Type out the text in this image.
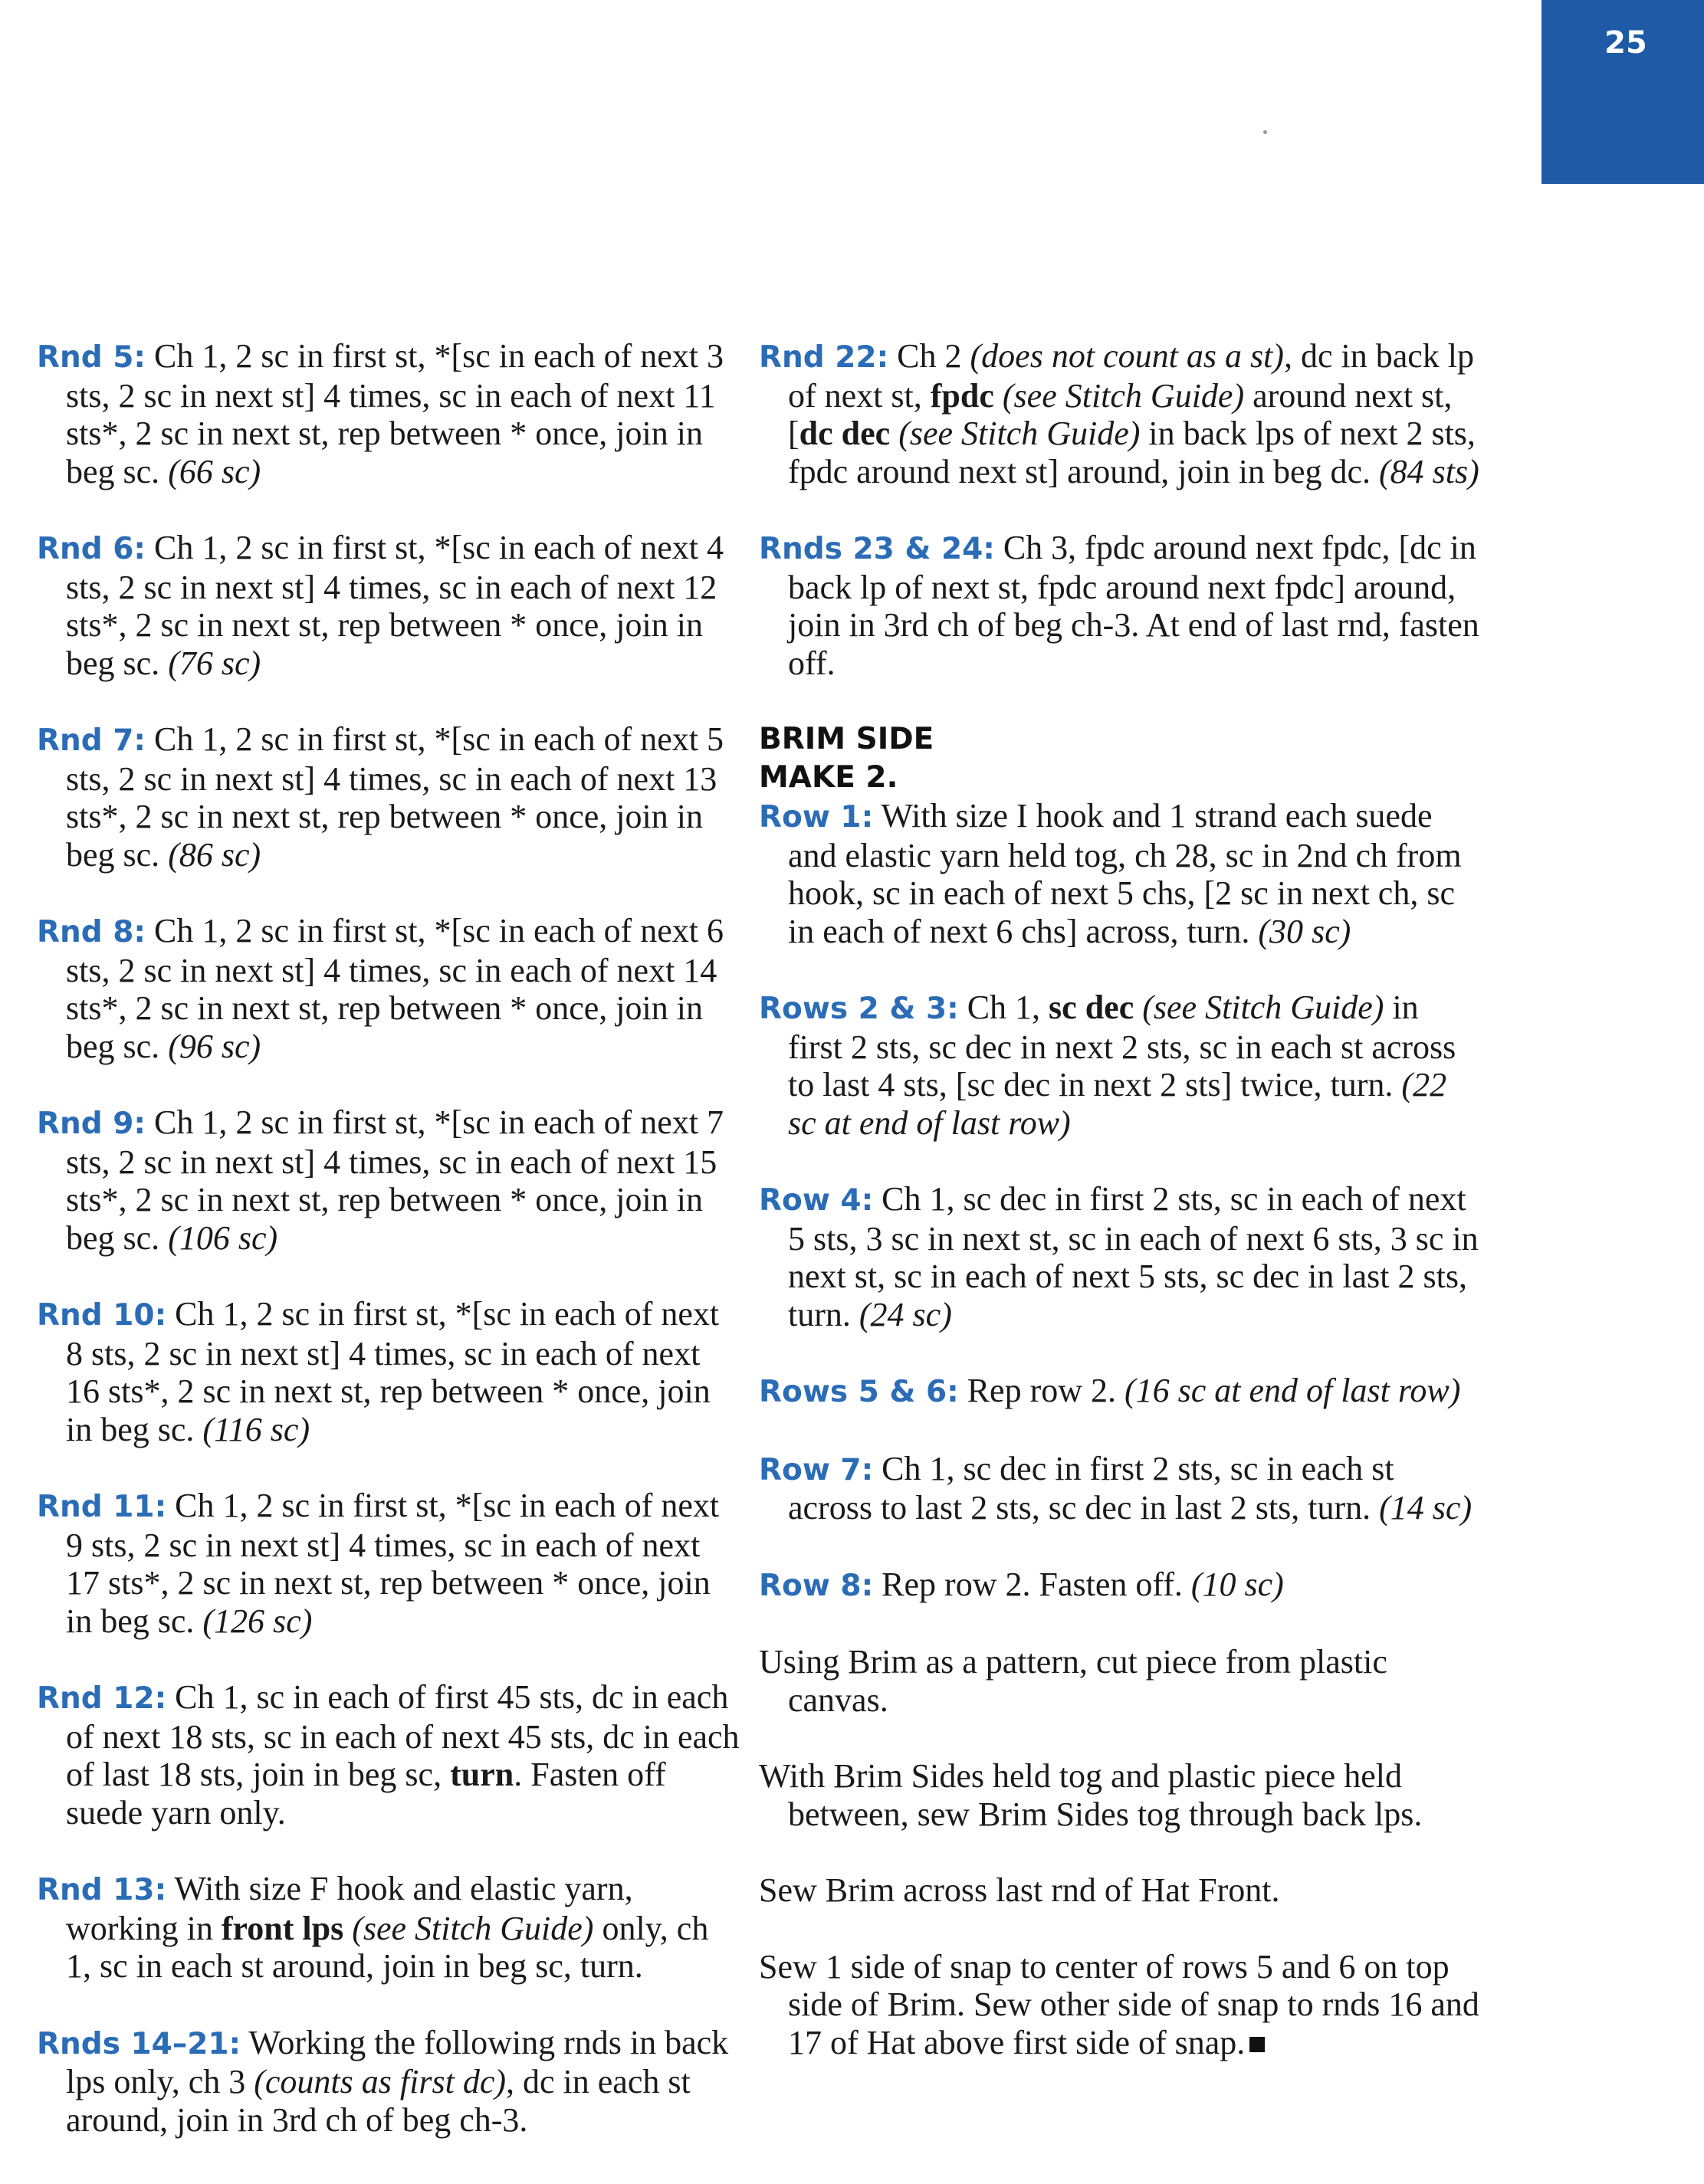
25

Rnd 5: Ch 1, 2 sc in first st, *[sc in each of next 3 sts, 2 sc in next st] 4 times, sc in each of next 11 sts*, 2 sc in next st, rep between * once, join in beg sc. (66 sc)

Rnd 6: Ch 1, 2 sc in first st, *[sc in each of next 4 sts, 2 sc in next st] 4 times, sc in each of next 12 sts*, 2 sc in next st, rep between * once, join in beg sc. (76 sc)

Rnd 7: Ch 1, 2 sc in first st, *[sc in each of next 5 sts, 2 sc in next st] 4 times, sc in each of next 13 sts*, 2 sc in next st, rep between * once, join in beg sc. (86 sc)

Rnd 8: Ch 1, 2 sc in first st, *[sc in each of next 6 sts, 2 sc in next st] 4 times, sc in each of next 14 sts*, 2 sc in next st, rep between * once, join in beg sc. (96 sc)

Rnd 9: Ch 1, 2 sc in first st, *[sc in each of next 7 sts, 2 sc in next st] 4 times, sc in each of next 15 sts*, 2 sc in next st, rep between * once, join in beg sc. (106 sc)

Rnd 10: Ch 1, 2 sc in first st, *[sc in each of next 8 sts, 2 sc in next st] 4 times, sc in each of next 16 sts*, 2 sc in next st, rep between * once, join in beg sc. (116 sc)

Rnd 11: Ch 1, 2 sc in first st, *[sc in each of next 9 sts, 2 sc in next st] 4 times, sc in each of next 17 sts*, 2 sc in next st, rep between * once, join in beg sc. (126 sc)

Rnd 12: Ch 1, sc in each of first 45 sts, dc in each of next 18 sts, sc in each of next 45 sts, dc in each of last 18 sts, join in beg sc, turn. Fasten off suede yarn only.

Rnd 13: With size F hook and elastic yarn, working in front lps (see Stitch Guide) only, ch 1, sc in each st around, join in beg sc, turn.

Rnds 14–21: Working the following rnds in back lps only, ch 3 (counts as first dc), dc in each st around, join in 3rd ch of beg ch-3.

Rnd 22: Ch 2 (does not count as a st), dc in back lp of next st, fpdc (see Stitch Guide) around next st, [dc dec (see Stitch Guide) in back lps of next 2 sts, fpdc around next st] around, join in beg dc. (84 sts)

Rnds 23 & 24: Ch 3, fpdc around next fpdc, [dc in back lp of next st, fpdc around next fpdc] around, join in 3rd ch of beg ch-3. At end of last rnd, fasten off.

BRIM SIDE

MAKE 2.

Row 1: With size I hook and 1 strand each suede and elastic yarn held tog, ch 28, sc in 2nd ch from hook, sc in each of next 5 chs, [2 sc in next ch, sc in each of next 6 chs] across, turn. (30 sc)

Rows 2 & 3: Ch 1, sc dec (see Stitch Guide) in first 2 sts, sc dec in next 2 sts, sc in each st across to last 4 sts, [sc dec in next 2 sts] twice, turn. (22 sc at end of last row)

Row 4: Ch 1, sc dec in first 2 sts, sc in each of next 5 sts, 3 sc in next st, sc in each of next 6 sts, 3 sc in next st, sc in each of next 5 sts, sc dec in last 2 sts, turn. (24 sc)

Rows 5 & 6: Rep row 2. (16 sc at end of last row)

Row 7: Ch 1, sc dec in first 2 sts, sc in each st across to last 2 sts, sc dec in last 2 sts, turn. (14 sc)

Row 8: Rep row 2. Fasten off. (10 sc)

Using Brim as a pattern, cut piece from plastic canvas.

With Brim Sides held tog and plastic piece held between, sew Brim Sides tog through back lps.

Sew Brim across last rnd of Hat Front.

Sew 1 side of snap to center of rows 5 and 6 on top side of Brim. Sew other side of snap to rnds 16 and 17 of Hat above first side of snap.
